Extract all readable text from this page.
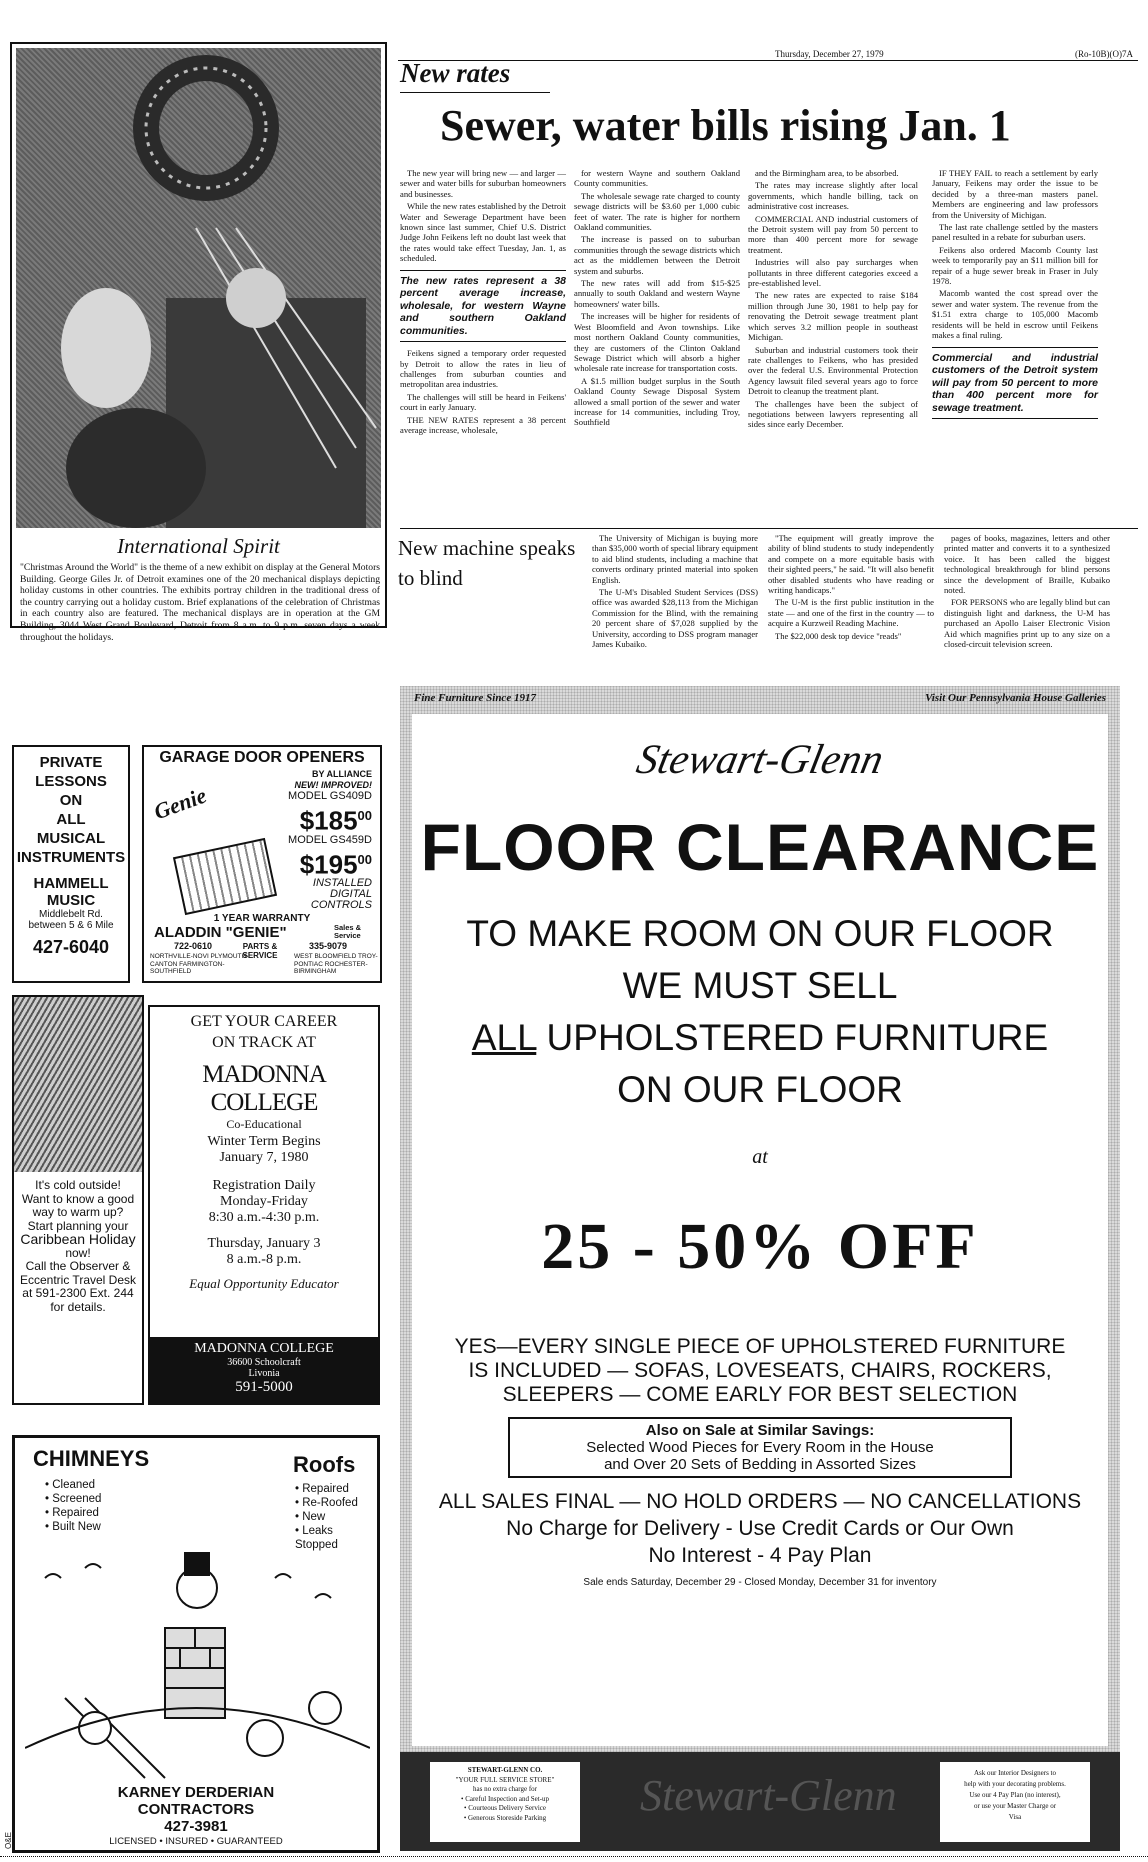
Thursday, December 27, 1979	(Ro-10B)(O)7A
International Spirit
"Christmas Around the World" is the theme of a new exhibit on display at the General Motors Building. George Giles Jr. of Detroit examines one of the 20 mechanical displays depicting holiday customs in other countries. The exhibits portray children in the traditional dress of the country carrying out a holiday custom. Brief explanations of the celebration of Christmas in each country also are featured. The mechanical displays are in operation at the GM Building, 3044 West Grand Boulevard, Detroit from 8 a.m. to 9 p.m. seven days a week throughout the holidays.
New rates
Sewer, water bills rising Jan. 1

The new year will bring new — and larger — sewer and water bills for suburban homeowners and businesses.

While the new rates established by the Detroit Water and Sewerage Department have been known since last summer, Chief U.S. District Judge John Feikens left no doubt last week that the rates would take effect Tuesday, Jan. 1, as scheduled.

The new rates represent a 38 percent average increase, wholesale, for western Wayne and southern Oakland communities.

Feikens signed a temporary order requested by Detroit to allow the rates in lieu of challenges from suburban counties and metropolitan area industries.

The challenges will still be heard in Feikens' court in early January.

THE NEW RATES represent a 38 percent average increase, wholesale,

for western Wayne and southern Oakland County communities.

The wholesale sewage rate charged to county sewage districts will be $3.60 per 1,000 cubic feet of water. The rate is higher for northern Oakland communities.

The increase is passed on to suburban communities through the sewage districts which act as the middlemen between the Detroit system and suburbs.

The new rates will add from $15-$25 annually to south Oakland and western Wayne homeowners' water bills.

The increases will be higher for residents of West Bloomfield and Avon townships. Like most northern Oakland County communities, they are customers of the Clinton Oakland Sewage District which will absorb a higher wholesale rate increase for transportation costs.

A $1.5 million budget surplus in the South Oakland County Sewage Disposal System allowed a small portion of the sewer and water increase for 14 communities, including Troy, Southfield

and the Birmingham area, to be absorbed.

The rates may increase slightly after local governments, which handle billing, tack on administrative cost increases.

COMMERCIAL AND industrial customers of the Detroit system will pay from 50 percent to more than 400 percent more for sewage treatment.

Industries will also pay surcharges when pollutants in three different categories exceed a pre-established level.

The new rates are expected to raise $184 million through June 30, 1981 to help pay for renovating the Detroit sewage treatment plant which serves 3.2 million people in southeast Michigan.

Suburban and industrial customers took their rate challenges to Feikens, who has presided over the federal U.S. Environmental Protection Agency lawsuit filed several years ago to force Detroit to cleanup the treatment plant.

The challenges have been the subject of negotiations between lawyers representing all sides since early December.

IF THEY FAIL to reach a settlement by early January, Feikens may order the issue to be decided by a three-man masters panel. Members are engineering and law professors from the University of Michigan.

The last rate challenge settled by the masters panel resulted in a rebate for suburban users.

Feikens also ordered Macomb County last week to temporarily pay an $11 million bill for repair of a huge sewer break in Fraser in July 1978.

Macomb wanted the cost spread over the sewer and water system. The revenue from the $1.51 extra charge to 105,000 Macomb residents will be held in escrow until Feikens makes a final ruling.

Commercial and industrial customers of the Detroit system will pay from 50 percent to more than 400 percent more for sewage treatment.
New machine speaks to blind

The University of Michigan is buying more than $35,000 worth of special library equipment to aid blind students, including a machine that converts ordinary printed material into spoken English.

The U-M's Disabled Student Services (DSS) office was awarded $28,113 from the Michigan Commission for the Blind, with the remaining 20 percent share of $7,028 supplied by the University, according to DSS program manager James Kubaiko.

"The equipment will greatly improve the ability of blind students to study independently and compete on a more equitable basis with their sighted peers," he said. "It will also benefit other disabled students who have reading or writing handicaps."

The U-M is the first public institution in the state — and one of the first in the country — to acquire a Kurzweil Reading Machine.

The $22,000 desk top device "reads"

pages of books, magazines, letters and other printed matter and converts it to a synthesized voice. It has been called the biggest technological breakthrough for blind persons since the development of Braille, Kubaiko noted.

FOR PERSONS who are legally blind but can distinguish light and darkness, the U-M has purchased an Apollo Laiser Electronic Vision Aid which magnifies print up to any size on a closed-circuit television screen.

PRIVATE
LESSONS
ON
ALL
MUSICAL
INSTRUMENTS
HAMMELL
MUSIC
Middlebelt Rd. between 5 & 6 Mile
427-6040
GARAGE DOOR OPENERS
Genie
BY ALLIANCE
NEW! IMPROVED!
MODEL GS409D
$\$185^{00}$
MODEL GS459D
$\$195^{00}$
INSTALLED
DIGITAL
CONTROLS
1 YEAR WARRANTY
ALADDIN "GENIE"	Sales & Service
PARTS & SERVICE
722-0610	335-9079
NORTHVILLE-NOVI PLYMOUTH-CANTON FARMINGTON-SOUTHFIELD
WEST BLOOMFIELD TROY-PONTIAC ROCHESTER-BIRMINGHAM
It's cold outside!
Want to know a good way to warm up?
Start planning your
Caribbean Holiday
now!
Call the Observer & Eccentric Travel Desk at 591-2300 Ext. 244 for details.
GET YOUR CAREER ON TRACK AT
MADONNA COLLEGE
Co-Educational
Winter Term Begins
January 7, 1980
Registration Daily
Monday-Friday
8:30 a.m.-4:30 p.m.
Thursday, January 3
8 a.m.-8 p.m.
Equal Opportunity Educator
MADONNA COLLEGE
36600 Schoolcraft
Livonia
591-5000
CHIMNEYS
• Cleaned
• Screened
• Repaired
• Built New
Roofs
• Repaired
• Re-Roofed
• New
• Leaks Stopped
KARNEY DERDERIAN
CONTRACTORS
427-3981
LICENSED • INSURED • GUARANTEED
Fine Furniture Since 1917	Visit Our Pennsylvania House Galleries
Stewart-Glenn
FLOOR CLEARANCE
TO MAKE ROOM ON OUR FLOOR
WE MUST SELL
ALL UPHOLSTERED FURNITURE
ON OUR FLOOR
at
25 - 50% OFF
YES—EVERY SINGLE PIECE OF UPHOLSTERED FURNITURE
IS INCLUDED — SOFAS, LOVESEATS, CHAIRS, ROCKERS,
SLEEPERS — COME EARLY FOR BEST SELECTION
Also on Sale at Similar Savings:
Selected Wood Pieces for Every Room in the House
and Over 20 Sets of Bedding in Assorted Sizes
ALL SALES FINAL — NO HOLD ORDERS — NO CANCELLATIONS
No Charge for Delivery - Use Credit Cards or Our Own
No Interest - 4 Pay Plan
Sale ends Saturday, December 29 - Closed Monday, December 31 for inventory
STEWART-GLENN CO.
"YOUR FULL SERVICE STORE"
has no extra charge for
• Careful Inspection and Set-up
• Courteous Delivery Service
• Generous Storeside Parking	Stewart-Glenn	Ask our Interior Designers to
help with your decorating problems.
Use our 4 Pay Plan (no interest),
or use your Master Charge or
Visa
O&E
